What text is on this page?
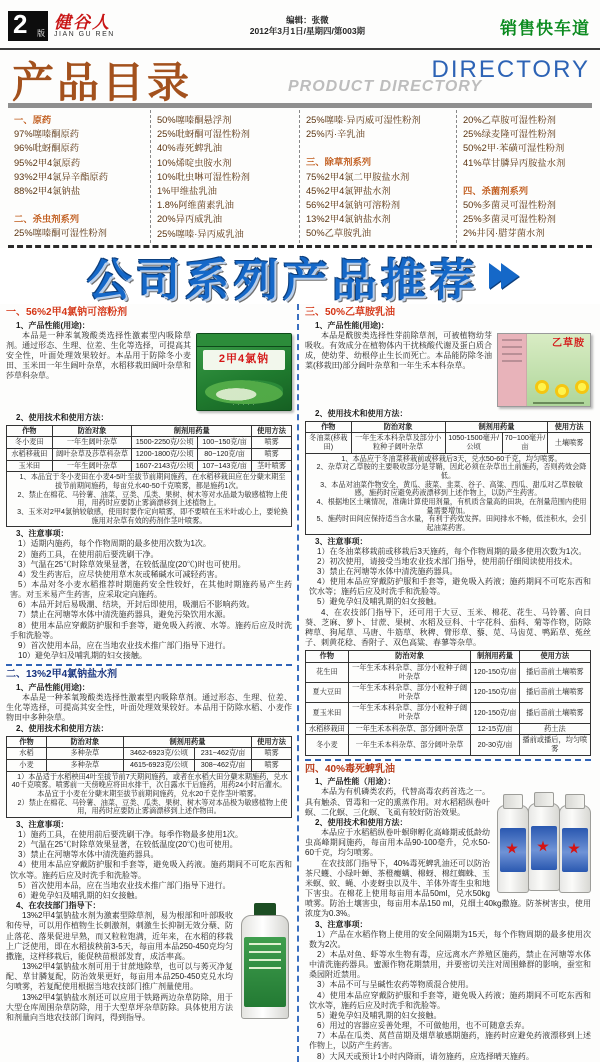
2 版
健谷人
JIAN GU REN
编辑：张微
2012年3月1日/星期四/第003期	销售快车道
产品目录	PRODUCT DIRECTORY
DIRECTORY
一、原药
97%噻嗪酮原药
96%吡蚜酮原药
95%2甲4氯原药
93%2甲4氯异辛酯原药
88%2甲4氯钠盐
二、杀虫剂系列
25%噻嗪酮可湿性粉剂
50%噻嗪酮悬浮剂
25%吡蚜酮可湿性粉剂
40%毒死蜱乳油
10%烯啶虫胺水剂
10%吡虫啉可湿性粉剂
1%甲维盐乳油
1.8%阿维菌素乳油
20%异丙威乳油
25%噻嗪·异丙威乳油
25%噻嗪·异丙威可湿性粉剂
25%丙·辛乳油
三、除草剂系列
75%2甲4氯二甲胺盐水剂
45%2甲4氯钾盐水剂
56%2甲4氯钠可溶粉剂
13%2甲4氯钠盐水剂
50%乙草胺乳油
20%乙草胺可湿性粉剂
25%绿麦隆可湿性粉剂
50%2甲·苯磺可湿性粉剂
41%草甘膦异丙胺盐水剂
四、杀菌剂系列
50%多菌灵可湿性粉剂
25%多菌灵可湿性粉剂
2%井冈·腊芽菌水剂
公司系列产品推荐
一、56%2甲4氯钠可溶粉剂
1、产品性能(用途)：
2甲4氯钠
· · · · ·

本品是一种苯氧羧酸类选择性激素型内吸除草剂。通过形态、生理、位差、生化等选择，可提高其安全性，叶面处理效果较好。本品用于防除冬小麦田、玉米田一年生阔叶杂草，水稻移栽田阔叶杂草和莎草科杂草。

2、使用技术和使用方法：
作物	防治对象	制剂用药量		使用方法
冬小麦田	一年生阔叶杂草	1500-2250克/公顷	100~150克/亩	喷雾
水稻移栽田	阔叶杂草及莎草科杂草	1200-1800克/公顷	80~120克/亩	喷雾
玉米田	一年生阔叶杂草	1607-2143克/公顷	107~143克/亩	茎叶喷雾

1、本品宜于冬小麦田在小麦4-5叶至拔节前期间施药，在水稻移栽田应在分蘖末期至拔节前期间施药，每亩兑水40-50千克喷雾，都是施药1次。
2、禁止在棉花、马铃薯、油菜、豆类、瓜类、果树、树木等对水品最为敏感植物上使用，用药时应要防止雾滴漂移到上述植物上。
3、玉米对2甲4氯钠较敏感，使用时要作定向喷雾，即不要喷在玉米叶或心上，要轮换施用对杂草有效的药剂作茎叶喷雾。				
3、注意事项：
1）适期内施药，每个作物周期的最多使用次数为1次。
2）施药工具，在使用前后要洗刷干净。
3）气温在25℃时除草效果显著，在较低温度(20℃)时也可使用。
4）发生药害后，应尽快使用草木灰或稀碱水可减轻药害。
5）本品对冬小麦水稻推荐时期施药安全性较好，在其他时期施药易产生药害。对玉米易产生药害，应采取定向施药。
6）本品开封后易吸潮、结块，开封后即使用，吸潮后不影响药效。
7）禁止在河塘等水体中清洗施药器具，避免污染饮用水源。
8）使用本品应穿戴防护服和手套等，避免吸入药液、水等。施药后应及时洗手和洗脸等。
9）首次使用本品，应在当地农业技术推广部门指导下进行。
10）避免孕妇及哺乳期的妇女接触。
二、13%2甲4氯钠盐水剂
1、产品性能(用途)：

本品是一种苯氧羧酸类选择性激素型内吸除草剂。通过形态、生理、位差、生化等选择，可提高其安全性，叶面处理效果较好。本品用于防除水稻、小麦作物田中多种杂草。

2、使用技术和使用方法：
作物	防治对象	制剂用药量		使用方法
水稻	多种杂草	3462-6923克/公顷	231~462克/亩	喷雾
小麦	多种杂草	4615-6923克/公顷	308~462克/亩	喷雾

1）本品适于水稻秧田4叶至拔节前7天期间施药，或者在水稻大田分蘖末期施药，兑水40千克喷雾。喷雾前一天傍晚应将田水排干，次日露水干后施药，用药24小时后灌水。本品宜于小麦在分蘖末期至拔节前期间施药，兑水20千克作茎叶喷雾。
2）禁止在棉花、马铃薯、油菜、豆类、瓜类、果树、树木等对本品极为敏感植物上使用，用药时应要防止雾滴漂移到上述作物田。				
3、注意事项：
1）施药工具，在使用前后要洗刷干净。每季作物最多使用1次。
2）气温在25℃时除草效果显著，在较低温度(20℃)也可使用。
3）禁止在河塘等水体中清洗施药器具。
4）使用本品应穿戴防护服和手套等，避免吸入药液。施药期间不可吃东西和饮水等。施药后应及时洗手和洗脸等。
5）首次使用本品，应在当地农业技术推广部门指导下进行。
6）避免孕妇及哺乳期的妇女接触。
4、在农技部门指导下：

13%2甲4氯钠盐水剂为激素型除草剂，易为根部和叶部吸收和传导，可以用作植物生长刺激剂，刺激生长抑制无效分蘖、防止落花、落果促进早熟，而又粒粒饱满，近年来，在水稻的移栽上广泛使用，即在水稻拔秧前3-5天，每亩用本品250-450克均匀撒施，这样移栽后，能促秧苗根部发育，成活率高。

13%2甲4氯钠盐水剂可用于甘蔗地除草，也可以与莠灭净复配、草甘膦复配，防治效果更好，每亩用本品250-450克兑水均匀喷雾，若复配使用根据当地农技部门推广剂量使用。

13%2甲4氯钠盐水剂还可以应用于铁路两边杂草防除，用于大型仓库周围杂草防除，用于大型草坪杂草防除。具体使用方法和剂量向当地农技部门询问，得到指导。

三、50%乙草胺乳油
1、产品性能(用途)：
乙草胺

本品是酰胺类选择性芽前除草剂，可被植物幼芽吸收。有效成分在植物体内干扰核酸代谢及蛋白质合成，使幼芽、幼根停止生长而死亡。本品能防除冬油菜(移栽田)部分阔叶杂草和一年生禾本科杂草。

2、使用技术和使用方法：
作物	防治对象	制剂用药量		使用方法
冬油菜(移栽田)	一年生禾本科杂草及部分小粒种子阔叶杂草	1050-1500毫升/公顷	70~100毫升/亩	土壤喷雾

1、本品应于冬油菜移栽前或移栽后3天，兑水50-60千克，均匀喷雾。
2、杂草对乙草胺的主要吸收部分是芽鞘，因此必须在杂草出土前施药，否则药效会降低。
3、本品对油菜作物安全，黄瓜、菠菜、韭菜、谷子、高粱、西瓜、甜瓜对乙草胺敏感，施药时应避免药液漂移到上述作物上，以防产生药害。
4、根据地区土壤情况，准确计算使用剂量，有机质含量高的田块，在剂量范围内使用量需要增加。
5、施药时田间应保持适当含水量，有利于药效发挥。田间排水不畅，低洼积水，会引起油菜药害。				
3、注意事项：
1）在冬油菜移栽前或移栽后3天施药，每个作物周期的最多使用次数为1次。
2）初次使用，请接受当地农业技术部门指导，使用前仔细阅读使用技术。
3）禁止在河塘等水体中清洗施药器具。
4）使用本品应穿戴防护服和手套等，避免吸入药液；施药期间不可吃东西和饮水等；施药后应及时洗手和洗脸等。
5）避免孕妇及哺乳期的妇女接触。

4、在农技部门指导下，还可用于大豆、玉米、棉花、花生、马铃薯、向日葵、芝麻、萝卜、甘蔗、果树、水稻及豆科、十字花科、茄科、菊等作物，防除稗草、狗尾草、马唐、牛筋草、秋稗、臂形草、藜、苋、马齿苋、鸭跖草、菟丝子、刺黄花稔、香附子、双色高粱、春蓼等杂草。

作物	防治对象	制剂用药量	使用方法
花生田	一年生禾本科杂草、部分小粒种子阔叶杂草	120-150克/亩	播后苗前土壤喷雾
夏大豆田	一年生禾本科杂草、部分小粒种子阔叶杂草	120-150克/亩	播后苗前土壤喷雾
夏玉米田	一年生禾本科杂草、部分小粒种子阔叶杂草	120-150克/亩	播后苗前土壤喷雾
水稻移栽田	一年生禾本科杂草、部分阔叶杂草	12-15克/亩	药土法
冬小麦	一年生禾本科杂草、部分阔叶杂草	20-30克/亩	播前或播后，均匀喷雾
四、40%毒死蜱乳油
1、产品性能（用途）：

本品为有机磷类农药，代替高毒农药首选之一。具有触杀、胃毒和一定的熏蒸作用。对水稻稻纵卷叶螟、二化螟、三化螟、飞虱有较好防治效果。

2、使用技术和使用方法：

本品应于水稻稻纵卷叶螟卵孵化高峰期或低龄幼虫高峰期间施药，每亩用本品90-100毫升，兑水50-60千克，均匀喷雾。

在农技部门指导下，40%毒死蜱乳油还可以防治茶尺蠖、小绿叶蝉、茶橙瘿螨、棉蚜、棉红蜘蛛、玉米螟、蚊、蝇、小麦蚜虫以及牛、羊体外寄生虫和地下害虫。在棉花上使用每亩用本品50ml，兑水50kg喷雾。防治土壤害虫，每亩用本品150 ml，兑细土40kg撒施。防茶树害虫，使用浓度为0.3%。

3、注意事项：
1）产品在水稻作物上使用的安全间隔期为15天，每个作物周期的最多使用次数为2次。
2）本品对鱼、虾等水生物有毒，应远离水产养殖区施药，禁止在河塘等水体中清洗施药器具。蜜源作物花期禁用，并要密切关注对周围蜂群的影响，蚕室和桑园附近禁用。
3）本品不可与呈碱性农药等物质混合使用。
4）使用本品应穿戴防护服和手套等，避免吸入药液；施药期间不可吃东西和饮水等，施药后应及时洗手和洗脸等。
5）避免孕妇及哺乳期的妇女接触。
6）用过的容器应妥善处理，不可做他用，也不可随意丢弃。
7）本品在瓜类、莴苣苗期及烟草敏感期施药，施药时应避免药液漂移到上述作物上，以防产生药害。
8）大风天或预计1小时内降雨，请勿施药，应选择晴天施药。
